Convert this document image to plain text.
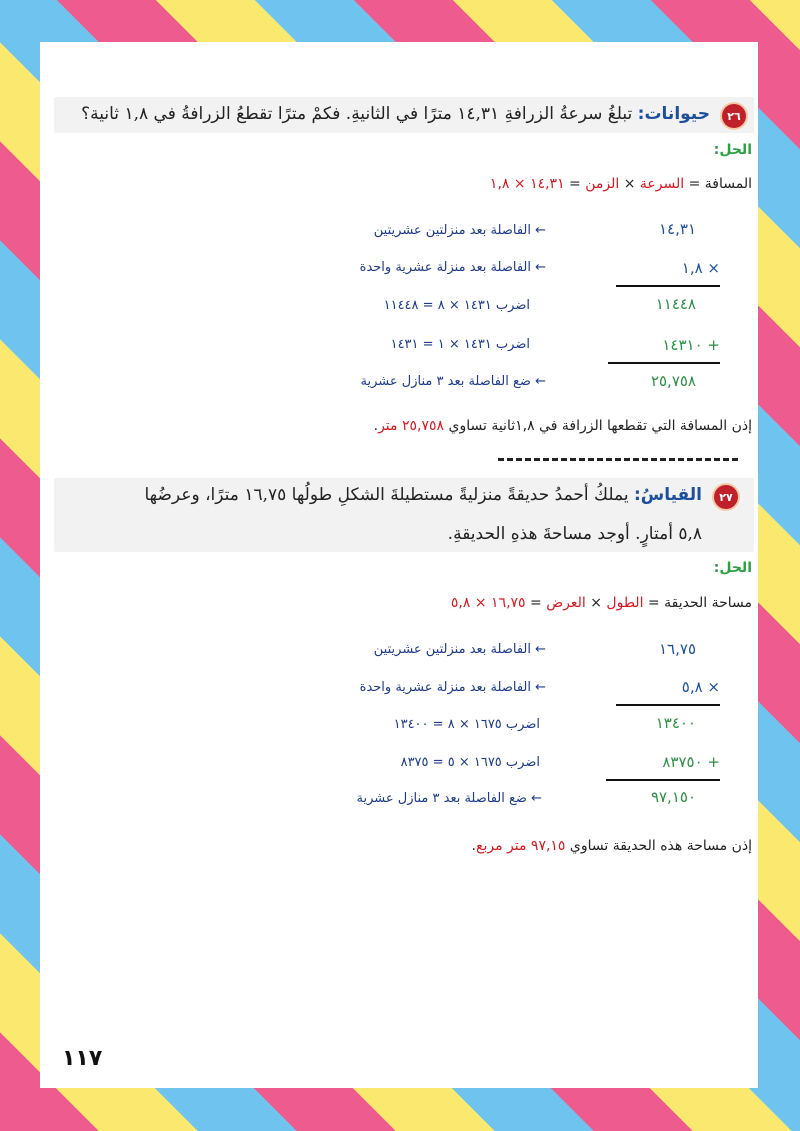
٢٦
حيوانات: تبلغُ سرعةُ الزرافةِ ١٤,٣١ مترًا في الثانيةِ. فكمْ مترًا تقطعُ الزرافةُ في ١,٨ ثانية؟
الحل:
المسافة = السرعة × الزمن = ١٤,٣١ × ١,٨
١٤,٣١
← الفاصلة بعد منزلتين عشريتين
× ١,٨
← الفاصلة بعد منزلة عشرية واحدة
١١٤٤٨
اضرب ١٤٣١ × ٨ = ١١٤٤٨
+ ١٤٣١٠
اضرب ١٤٣١ × ١ = ١٤٣١
٢٥,٧٥٨
← ضع الفاصلة بعد ٣ منازل عشرية
إذن المسافة التي تقطعها الزرافة في ١,٨ثانية تساوي ٢٥,٧٥٨ متر.
٢٧
القياسُ: يملكُ أحمدُ حديقةً منزليةً مستطيلةَ الشكلِ طولُها ١٦,٧٥ مترًا، وعرضُها
٥,٨ أمتارٍ. أوجد مساحةَ هذهِ الحديقةِ.
الحل:
مساحة الحديقة = الطول × العرض = ١٦,٧٥ × ٥,٨
١٦,٧٥
← الفاصلة بعد منزلتين عشريتين
× ٥,٨
← الفاصلة بعد منزلة عشرية واحدة
١٣٤٠٠
اضرب ١٦٧٥ × ٨ = ١٣٤٠٠
+ ٨٣٧٥٠
اضرب ١٦٧٥ × ٥ = ٨٣٧٥
٩٧,١٥٠
← ضع الفاصلة بعد ٣ منازل عشرية
إذن مساحة هذه الحديقة تساوي ٩٧,١٥ متر مربع.
١١٧
